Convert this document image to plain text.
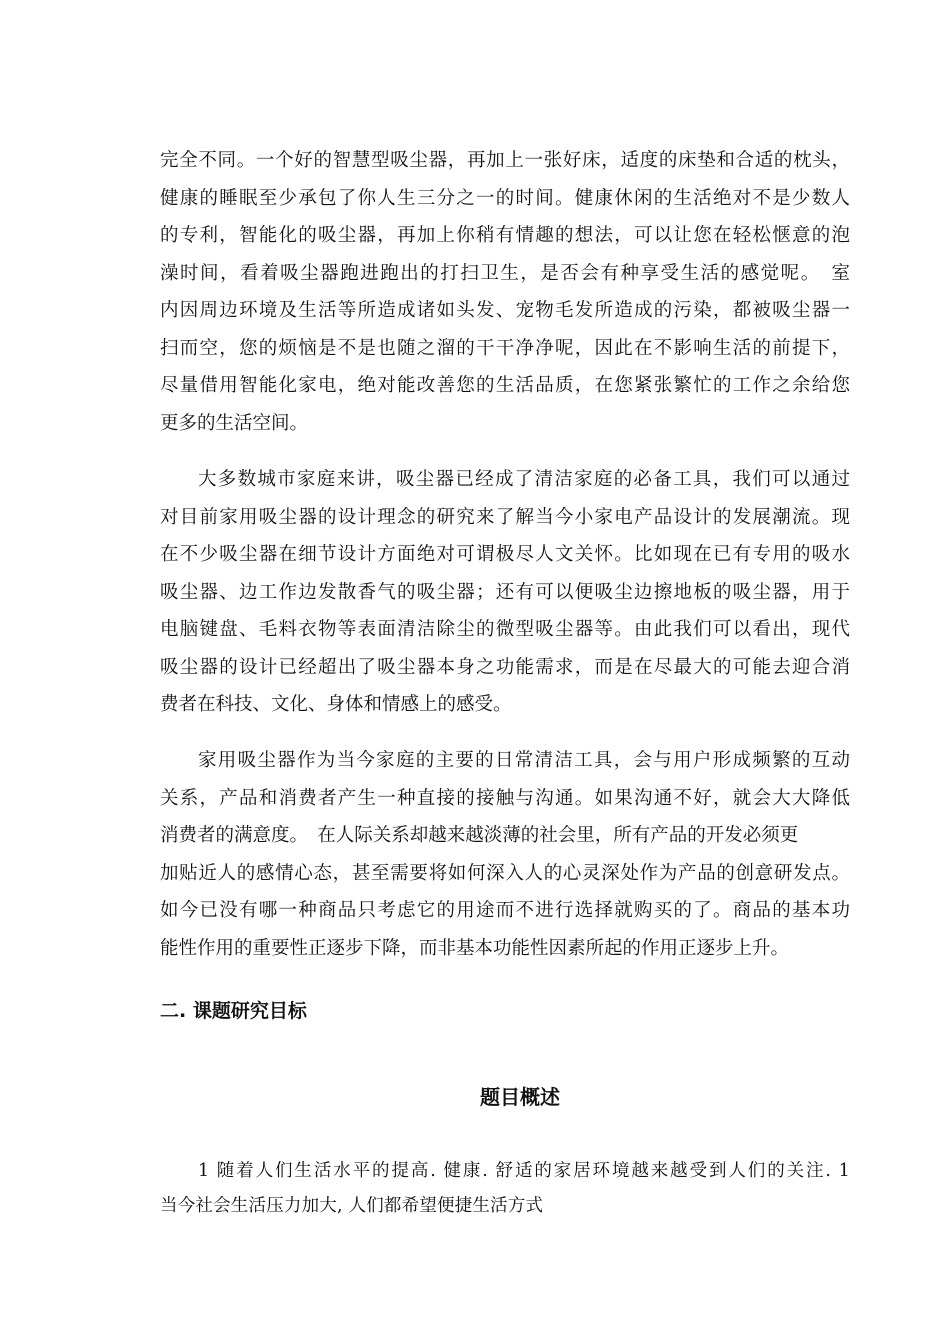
完全不同。一个好的智慧型吸尘器，再加上一张好床，适度的床垫和合适的枕头，
健康的睡眠至少承包了你人生三分之一的时间。健康休闲的生活绝对不是少数人
的专利，智能化的吸尘器，再加上你稍有情趣的想法，可以让您在轻松惬意的泡
澡时间，看着吸尘器跑进跑出的打扫卫生，是否会有种享受生活的感觉呢。　室
内因周边环境及生活等所造成诸如头发、宠物毛发所造成的污染，都被吸尘器一
扫而空，您的烦恼是不是也随之溜的干干净净呢，因此在不影响生活的前提下，
尽量借用智能化家电，绝对能改善您的生活品质，在您紧张繁忙的工作之余给您
更多的生活空间。
大多数城市家庭来讲，吸尘器已经成了清洁家庭的必备工具，我们可以通过
对目前家用吸尘器的设计理念的研究来了解当今小家电产品设计的发展潮流。现
在不少吸尘器在细节设计方面绝对可谓极尽人文关怀。比如现在已有专用的吸水
吸尘器、边工作边发散香气的吸尘器；还有可以便吸尘边擦地板的吸尘器，用于
电脑键盘、毛料衣物等表面清洁除尘的微型吸尘器等。由此我们可以看出，现代
吸尘器的设计已经超出了吸尘器本身之功能需求，而是在尽最大的可能去迎合消
费者在科技、文化、身体和情感上的感受。
家用吸尘器作为当今家庭的主要的日常清洁工具，会与用户形成频繁的互动
关系，产品和消费者产生一种直接的接触与沟通。如果沟通不好，就会大大降低
消费者的满意度。　在人际关系却越来越淡薄的社会里，所有产品的开发必须更
加贴近人的感情心态，甚至需要将如何深入人的心灵深处作为产品的创意研发点。
如今已没有哪一种商品只考虑它的用途而不进行选择就购买的了。商品的基本功
能性作用的重要性正逐步下降，而非基本功能性因素所起的作用正逐步上升。
二. 课题研究目标
题目概述
1 随着人们生活水平的提高. 健康. 舒适的家居环境越来越受到人们的关注. 1
当今社会生活压力加大, 人们都希望便捷生活方式
